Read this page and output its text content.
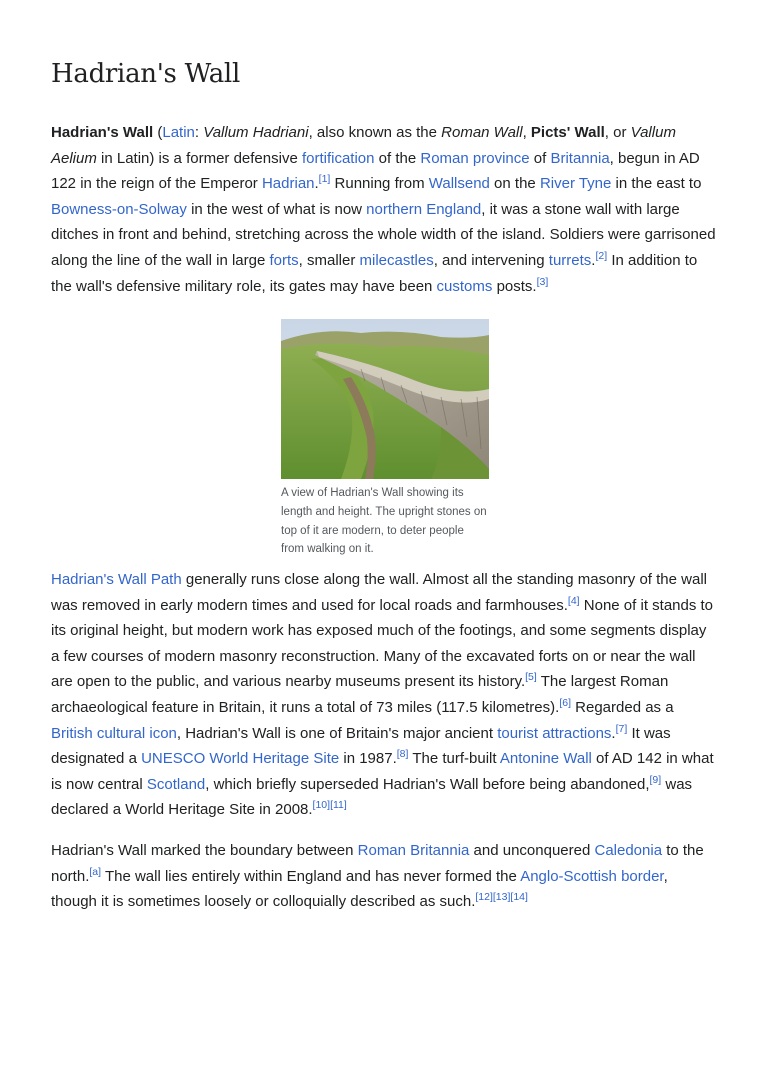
Hadrian's Wall

Hadrian's Wall (Latin: Vallum Hadriani, also known as the Roman Wall, Picts' Wall, or Vallum Aelium in Latin) is a former defensive fortification of the Roman province of Britannia, begun in AD 122 in the reign of the Emperor Hadrian.[1] Running from Wallsend on the River Tyne in the east to Bowness-on-Solway in the west of what is now northern England, it was a stone wall with large ditches in front and behind, stretching across the whole width of the island. Soldiers were garrisoned along the line of the wall in large forts, smaller milecastles, and intervening turrets.[2] In addition to the wall's defensive military role, its gates may have been customs posts.[3]

A view of Hadrian's Wall showing its length and height. The upright stones on top of it are modern, to deter people from walking on it.

Hadrian's Wall Path generally runs close along the wall. Almost all the standing masonry of the wall was removed in early modern times and used for local roads and farmhouses.[4] None of it stands to its original height, but modern work has exposed much of the footings, and some segments display a few courses of modern masonry reconstruction. Many of the excavated forts on or near the wall are open to the public, and various nearby museums present its history.[5] The largest Roman archaeological feature in Britain, it runs a total of 73 miles (117.5 kilometres).[6] Regarded as a British cultural icon, Hadrian's Wall is one of Britain's major ancient tourist attractions.[7] It was designated a UNESCO World Heritage Site in 1987.[8] The turf-built Antonine Wall of AD 142 in what is now central Scotland, which briefly superseded Hadrian's Wall before being abandoned,[9] was declared a World Heritage Site in 2008.[10][11]

Hadrian's Wall marked the boundary between Roman Britannia and unconquered Caledonia to the north.[a] The wall lies entirely within England and has never formed the Anglo-Scottish border, though it is sometimes loosely or colloquially described as such.[12][13][14]
